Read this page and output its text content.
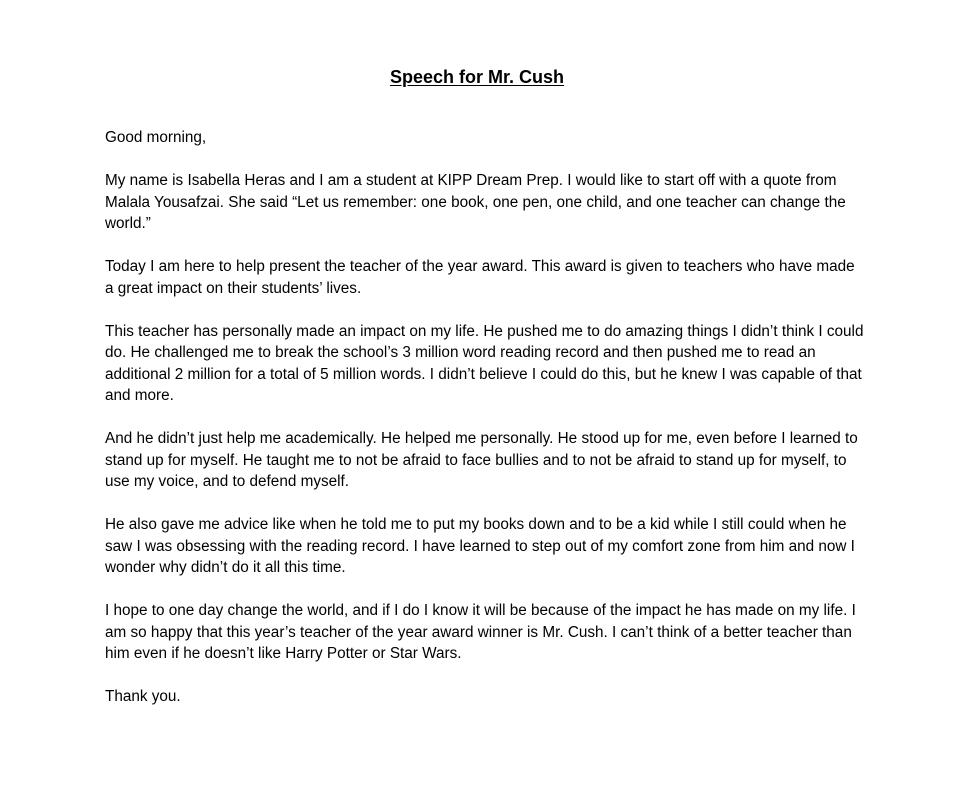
Speech for Mr. Cush

Good morning,

My name is Isabella Heras and I am a student at KIPP Dream Prep. I would like to start off with a quote from Malala Yousafzai. She said “Let us remember: one book, one pen, one child, and one teacher can change the world.”

Today I am here to help present the teacher of the year award. This award is given to teachers who have made a great impact on their students’ lives.

This teacher has personally made an impact on my life. He pushed me to do amazing things I didn’t think I could do. He challenged me to break the school’s 3 million word reading record and then pushed me to read an additional 2 million for a total of 5 million words. I didn’t believe I could do this, but he knew I was capable of that and more.

And he didn’t just help me academically. He helped me personally. He stood up for me, even before I learned to stand up for myself. He taught me to not be afraid to face bullies and to not be afraid to stand up for myself, to use my voice, and to defend myself.

He also gave me advice like when he told me to put my books down and to be a kid while I still could when he saw I was obsessing with the reading record. I have learned to step out of my comfort zone from him and now I wonder why didn’t do it all this time.

I hope to one day change the world, and if I do I know it will be because of the impact he has made on my life. I am so happy that this year’s teacher of the year award winner is Mr. Cush. I can’t think of a better teacher than him even if he doesn’t like Harry Potter or Star Wars.

Thank you.
